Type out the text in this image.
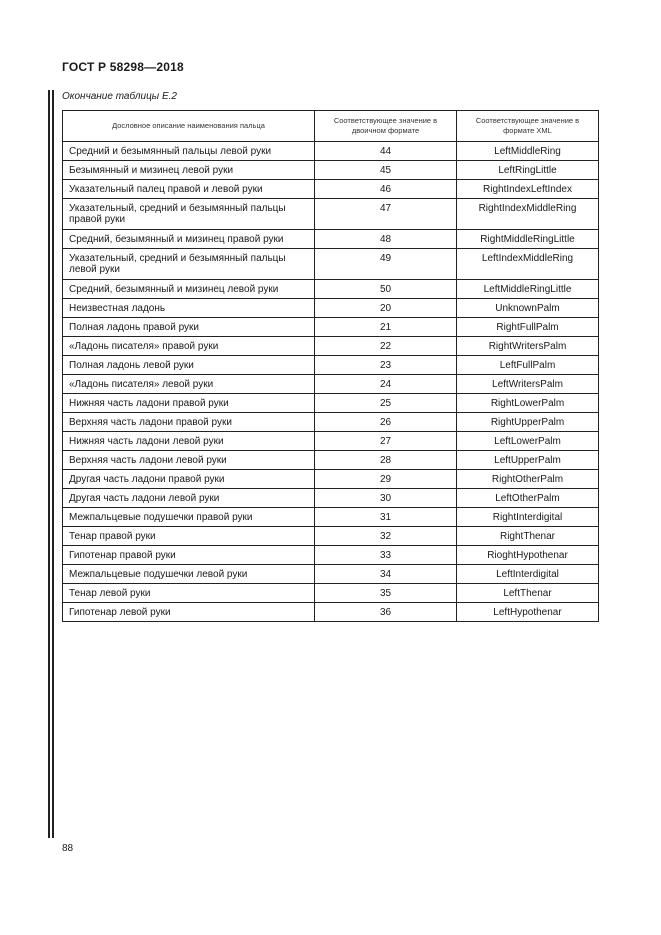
ГОСТ Р 58298—2018
Окончание таблицы Е.2
Дословное описание наименования пальца	Соответствующее значение в двоичном формате	Соответствующее значение в формате XML
Средний и безымянный пальцы левой руки	44	LeftMiddleRing
Безымянный и мизинец левой руки	45	LeftRingLittle
Указательный палец правой и левой руки	46	RightIndexLeftIndex
Указательный, средний и безымянный пальцы правой руки	47	RightIndexMiddleRing
Средний, безымянный и мизинец правой руки	48	RightMiddleRingLittle
Указательный, средний и безымянный пальцы левой руки	49	LeftIndexMiddleRing
Средний, безымянный и мизинец левой руки	50	LeftMiddleRingLittle
Неизвестная ладонь	20	UnknownPalm
Полная ладонь правой руки	21	RightFullPalm
«Ладонь писателя» правой руки	22	RightWritersPalm
Полная ладонь левой руки	23	LeftFullPalm
«Ладонь писателя» левой руки	24	LeftWritersPalm
Нижняя часть ладони правой руки	25	RightLowerPalm
Верхняя часть ладони правой руки	26	RightUpperPalm
Нижняя часть ладони левой руки	27	LeftLowerPalm
Верхняя часть ладони левой руки	28	LeftUpperPalm
Другая часть ладони правой руки	29	RightOtherPalm
Другая часть ладони левой руки	30	LeftOtherPalm
Межпальцевые подушечки правой руки	31	RightInterdigital
Тенар правой руки	32	RightThenar
Гипотенар правой руки	33	RioghtHypothenar
Межпальцевые подушечки левой руки	34	LeftInterdigital
Тенар левой руки	35	LeftThenar
Гипотенар левой руки	36	LeftHypothenar
88
